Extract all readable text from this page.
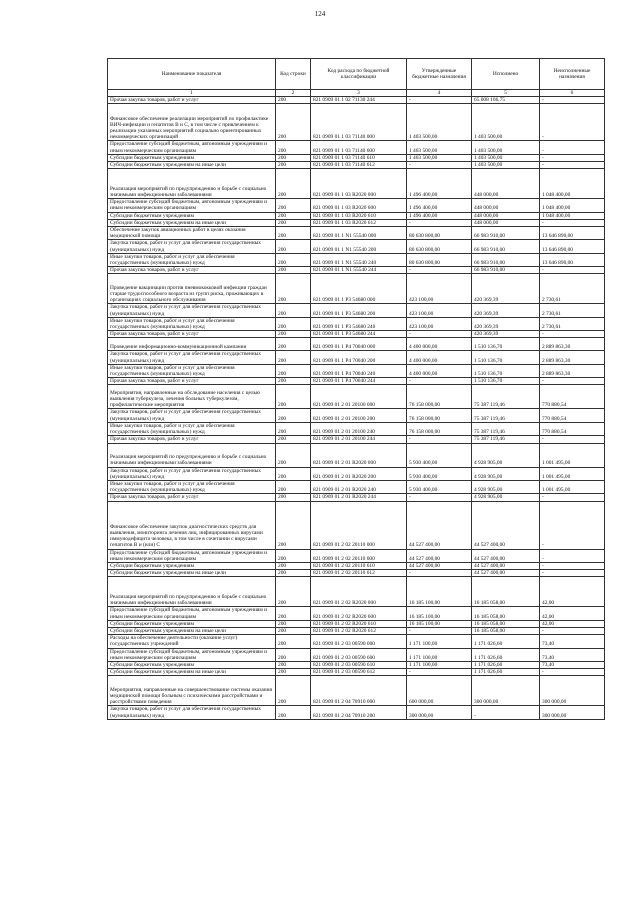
124
Наименование показателя	Код строки	Код расхода по бюджетной классификации	Утвержденные бюджетные назначения	Исполнено	Неисполненные назначения
1	2	3	4	5	6
Прочая закупка товаров, работ и услуг	200	821 0909 01 1 02 71130 244	-	65 008 106,75	-
Финансовое обеспечение реализации мероприятий по профилактике ВИЧ-инфекции и гепатитов В и С, в том числе с привлечением к реализации указанных мероприятий социально ориентированных некоммерческих организаций	200	821 0909 01 1 03 71140 000	1 403 500,00	1 403 500,00	-
Предоставление субсидий бюджетным, автономным учреждениям и иным некоммерческим организациям	200	821 0909 01 1 03 71140 600	1 403 500,00	1 403 500,00	-
Субсидии бюджетным учреждениям	200	821 0909 01 1 03 71140 610	1 403 500,00	1 403 500,00	-
Субсидии бюджетным учреждениям на иные цели	200	821 0909 01 1 03 71140 612	-	1 403 500,00	-
Реализация мероприятий по предупреждению и борьбе с социально значимыми инфекционными заболеваниями	200	821 0909 01 1 03 R2020 000	1 496 400,00	448 000,00	1 048 400,00
Предоставление субсидий бюджетным, автономным учреждениям и иным некоммерческим организациям	200	821 0909 01 1 03 R2020 600	1 496 400,00	448 000,00	1 048 400,00
Субсидии бюджетным учреждениям	200	821 0909 01 1 03 R2020 610	1 496 400,00	448 000,00	1 048 400,00
Субсидии бюджетным учреждениям на иные цели	200	821 0909 01 1 03 R2020 612	-	448 000,00	-
Обеспечение закупок авиационных работ в целях оказания медицинской помощи	200	821 0909 01 1 N1 55540 000	80 630 800,00	66 983 910,00	13 646 890,00
Закупка товаров, работ и услуг для обеспечения государственных (муниципальных) нужд	200	821 0909 01 1 N1 55540 200	80 630 800,00	66 983 910,00	13 646 890,00
Иные закупки товаров, работ и услуг для обеспечения государственных (муниципальных) нужд	200	821 0909 01 1 N1 55540 240	80 630 800,00	66 983 910,00	13 646 890,00
Прочая закупка товаров, работ и услуг	200	821 0909 01 1 N1 55540 244	-	66 983 910,00	-
Проведение вакцинации против пневмококковой инфекции граждан старше трудоспособного возраста из групп риска, проживающих в организациях социального обслуживания	200	821 0909 01 1 P3 54680 000	423 100,00	420 369,39	2 730,61
Закупка товаров, работ и услуг для обеспечения государственных (муниципальных) нужд	200	821 0909 01 1 P3 54680 200	423 100,00	420 369,39	2 730,61
Иные закупки товаров, работ и услуг для обеспечения государственных (муниципальных) нужд	200	821 0909 01 1 P3 54680 240	423 100,00	420 369,39	2 730,61
Прочая закупка товаров, работ и услуг	200	821 0909 01 1 P3 54680 244	-	420 369,39	-
Проведение информационно-коммуникационной кампании	200	821 0909 01 1 P4 70040 000	4 400 000,00	1 510 136,70	2 889 863,30
Закупка товаров, работ и услуг для обеспечения государственных (муниципальных) нужд	200	821 0909 01 1 P4 70040 200	4 400 000,00	1 510 136,70	2 889 863,30
Иные закупки товаров, работ и услуг для обеспечения государственных (муниципальных) нужд	200	821 0909 01 1 P4 70040 240	4 400 000,00	1 510 136,70	2 889 863,30
Прочая закупка товаров, работ и услуг	200	821 0909 01 1 P4 70040 244	-	1 510 136,70	-
Мероприятия, направленные на обследование населения с целью выявления туберкулеза, лечения больных туберкулезом, профилактические мероприятия	200	821 0909 01 2 01 20100 000	76 158 000,00	75 387 119,46	770 880,54
Закупка товаров, работ и услуг для обеспечения государственных (муниципальных) нужд	200	821 0909 01 2 01 20100 200	76 158 000,00	75 387 119,46	770 880,54
Иные закупки товаров, работ и услуг для обеспечения государственных (муниципальных) нужд	200	821 0909 01 2 01 20100 240	76 158 000,00	75 387 119,46	770 880,54
Прочая закупка товаров, работ и услуг	200	821 0909 01 2 01 20100 244	-	75 387 119,46	-
Реализация мероприятий по предупреждению и борьбе с социально значимыми инфекционными заболеваниями	200	821 0909 01 2 01 R2020 000	5 930 400,00	4 928 905,00	1 001 495,00
Закупка товаров, работ и услуг для обеспечения государственных (муниципальных) нужд	200	821 0909 01 2 01 R2020 200	5 930 400,00	4 928 905,00	1 001 495,00
Иные закупки товаров, работ и услуг для обеспечения государственных (муниципальных) нужд	200	821 0909 01 2 01 R2020 240	5 930 400,00	4 928 905,00	1 001 495,00
Прочая закупка товаров, работ и услуг	200	821 0909 01 2 01 R2020 244	-	4 928 905,00	-
Финансовое обеспечение закупок диагностических средств для выявления, мониторинга лечения лиц, инфицированных вирусами иммунодефицита человека, в том числе в сочетании с вирусами гепатитов В и (или) С	200	821 0909 01 2 02 20110 000	44 527 400,00	44 527 400,00	-
Предоставление субсидий бюджетным, автономным учреждениям и иным некоммерческим организациям	200	821 0909 01 2 02 20110 600	44 527 400,00	44 527 400,00	-
Субсидии бюджетным учреждениям	200	821 0909 01 2 02 20110 610	44 527 400,00	44 527 400,00	-
Субсидии бюджетным учреждениям на иные цели	200	821 0909 01 2 02 20110 612	-	44 527 400,00	-
Реализация мероприятий по предупреждению и борьбе с социально значимыми инфекционными заболеваниями	200	821 0909 01 2 02 R2020 000	16 185 100,00	16 185 058,00	42,00
Предоставление субсидий бюджетным, автономным учреждениям и иным некоммерческим организациям	200	821 0909 01 2 02 R2020 600	16 185 100,00	16 185 058,00	42,00
Субсидии бюджетным учреждениям	200	821 0909 01 2 02 R2020 610	16 185 100,00	16 185 058,00	42,00
Субсидии бюджетным учреждениям на иные цели	200	821 0909 01 2 02 R2020 612	-	16 185 058,00	-
Расходы на обеспечение деятельности (оказание услуг) государственных учреждений	200	821 0909 01 2 03 00590 000	1 171 100,00	1 171 026,60	73,40
Предоставление субсидий бюджетным, автономным учреждениям и иным некоммерческим организациям	200	821 0909 01 2 03 00590 600	1 171 100,00	1 171 026,60	73,40
Субсидии бюджетным учреждениям	200	821 0909 01 2 03 00590 610	1 171 100,00	1 171 026,60	73,40
Субсидии бюджетным учреждениям на иные цели	200	821 0909 01 2 03 00590 612	-	1 171 026,60	-
Мероприятия, направленные на совершенствование системы оказания медицинской помощи больным с психическими расстройствами и расстройствами поведения	200	821 0909 01 2 04 70910 000	600 000,00	300 000,00	300 000,00
Закупка товаров, работ и услуг для обеспечения государственных (муниципальных) нужд	200	821 0909 01 2 04 70910 200	300 000,00	-	300 000,00
